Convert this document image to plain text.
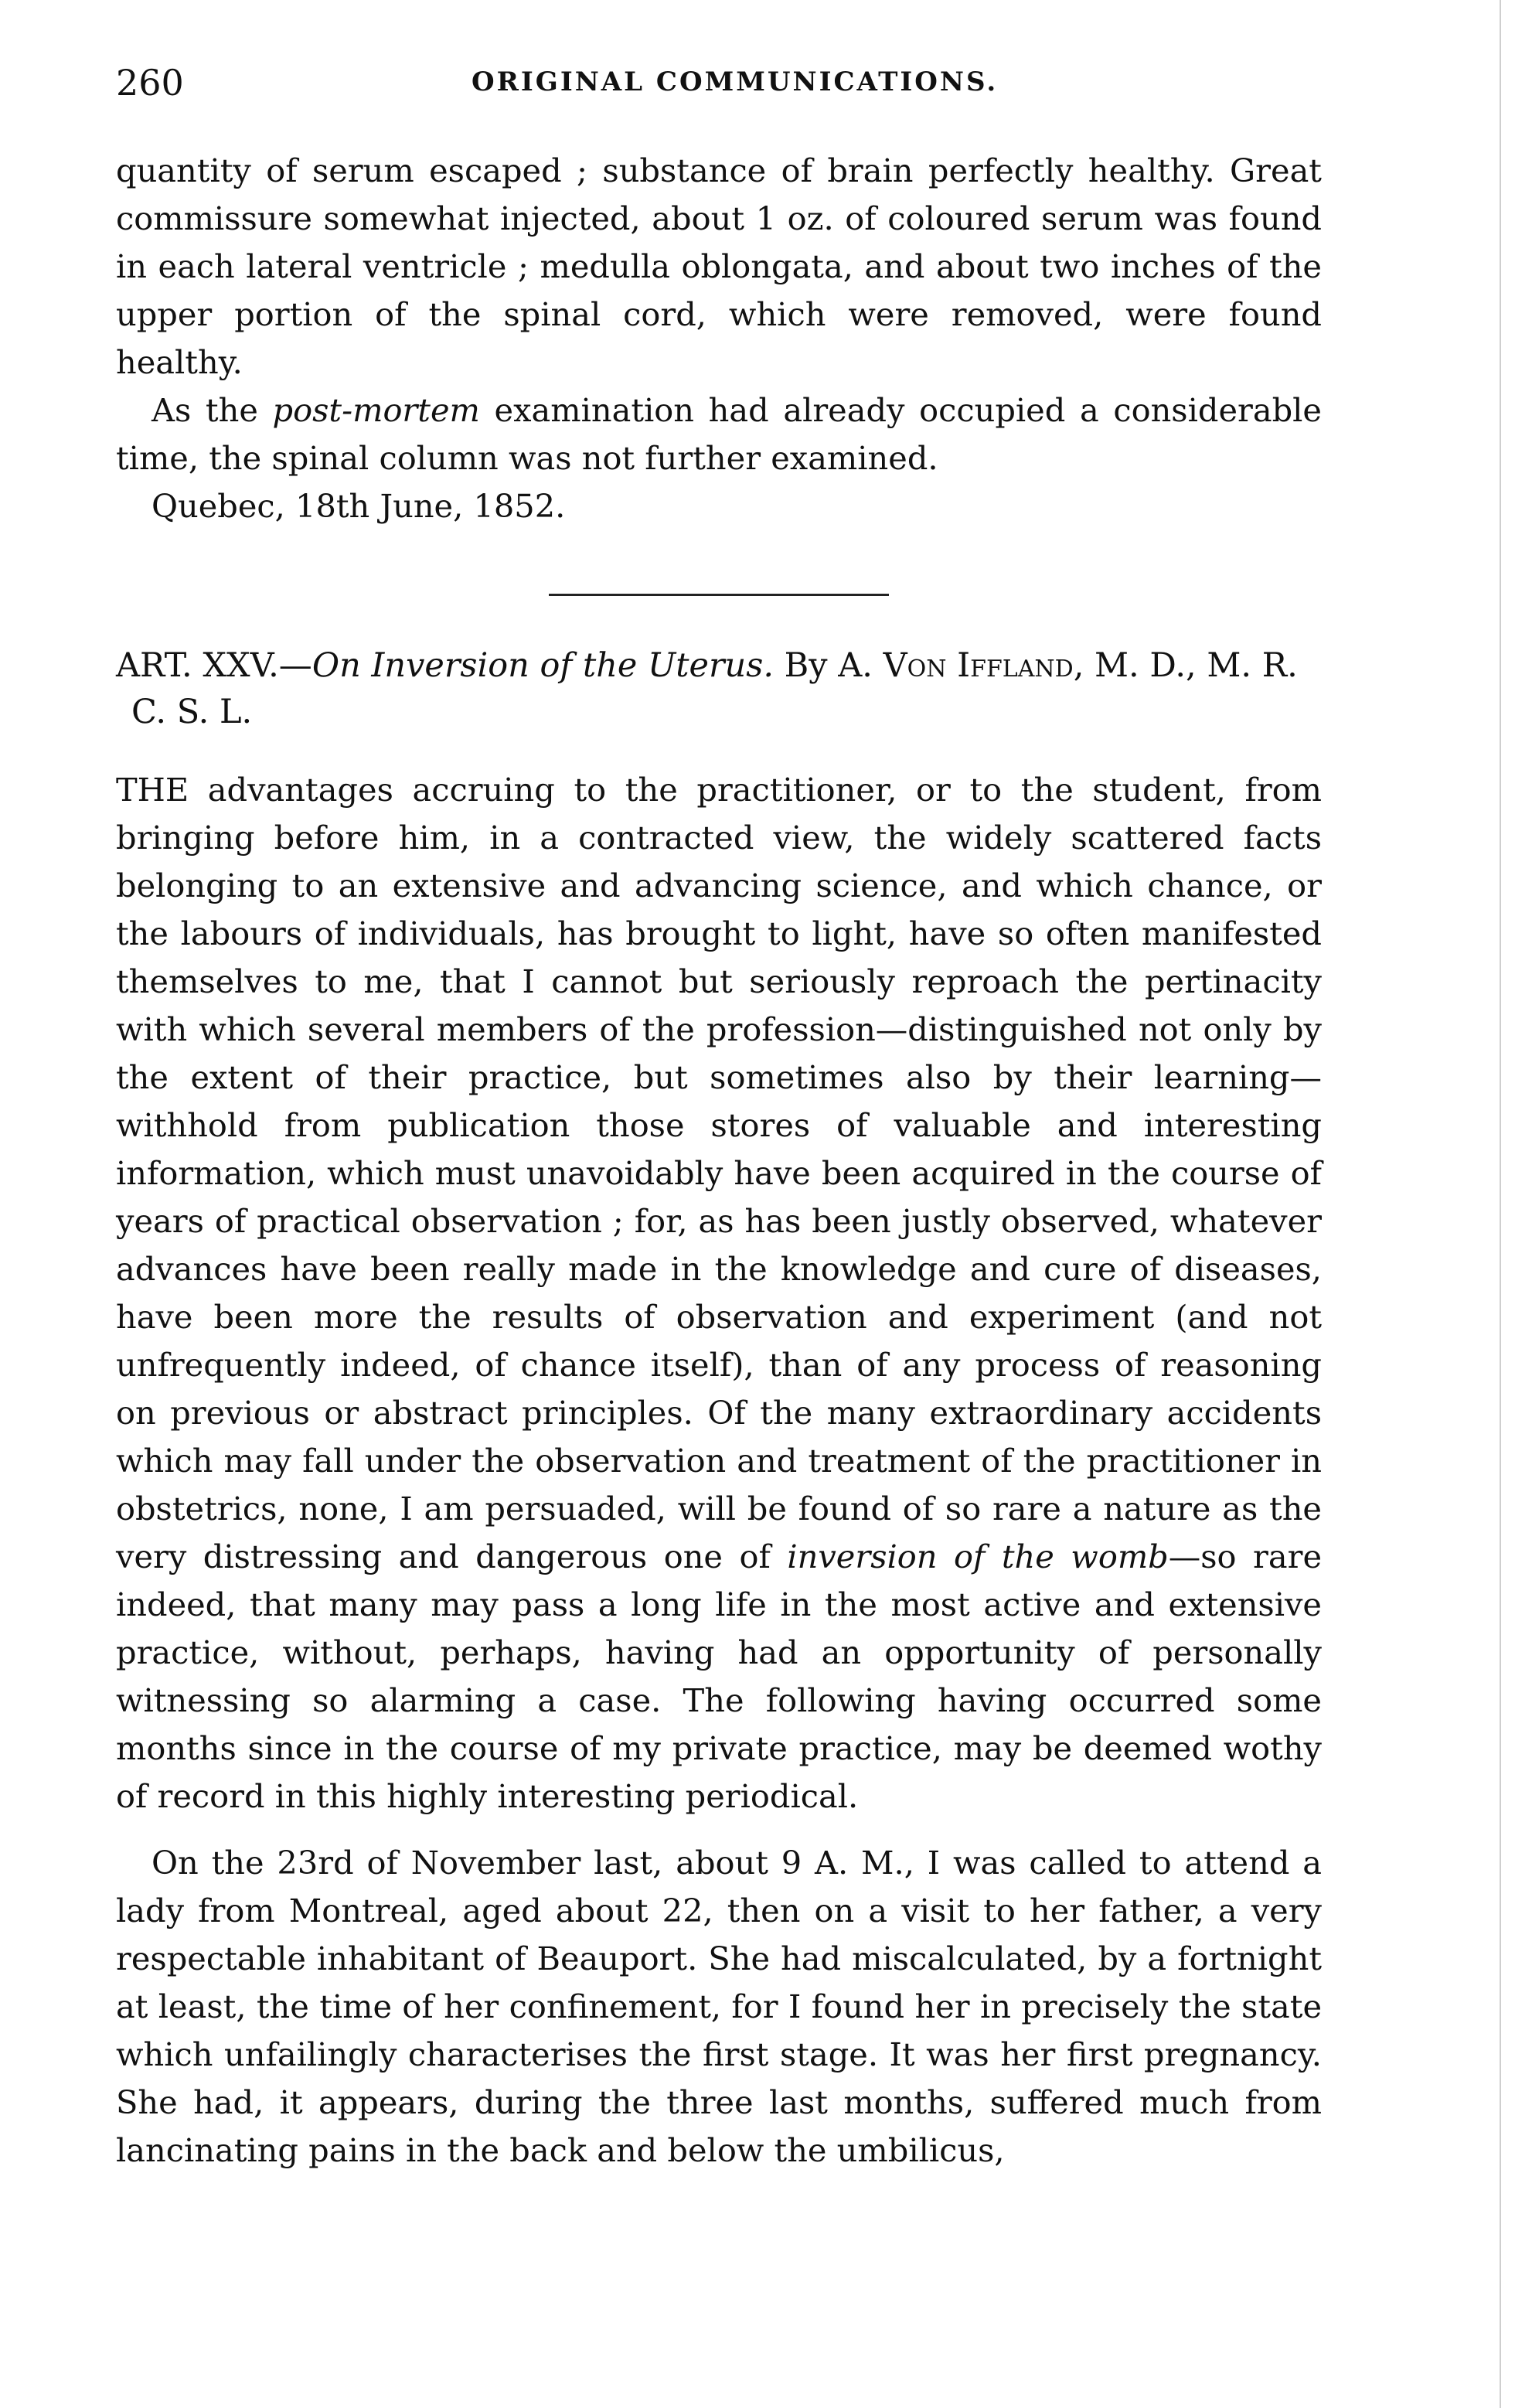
260	ORIGINAL COMMUNICATIONS.

quantity of serum escaped ; substance of brain perfectly healthy. Great commissure somewhat injected, about 1 oz. of coloured serum was found in each lateral ventricle ; medulla oblongata, and about two inches of the upper portion of the spinal cord, which were removed, were found healthy.

As the post-mortem examination had already occupied a considerable time, the spinal column was not further examined.

Quebec, 18th June, 1852.

ART. XXV.—On Inversion of the Uterus. By A. Von Iffland, M. D., M. R. C. S. L.

THE advantages accruing to the practitioner, or to the student, from bringing before him, in a contracted view, the widely scattered facts belonging to an extensive and advancing science, and which chance, or the labours of individuals, has brought to light, have so often manifested themselves to me, that I cannot but seriously reproach the pertinacity with which several members of the profession—distinguished not only by the extent of their practice, but sometimes also by their learning—withhold from publication those stores of valuable and interesting information, which must unavoidably have been acquired in the course of years of practical observation ; for, as has been justly observed, whatever advances have been really made in the knowledge and cure of diseases, have been more the results of observation and experiment (and not unfrequently indeed, of chance itself), than of any process of reasoning on previous or abstract principles. Of the many extraordinary accidents which may fall under the observation and treatment of the practitioner in obstetrics, none, I am persuaded, will be found of so rare a nature as the very distressing and dangerous one of inversion of the womb—so rare indeed, that many may pass a long life in the most active and extensive practice, without, perhaps, having had an opportunity of personally witnessing so alarming a case. The following having occurred some months since in the course of my private practice, may be deemed wothy of record in this highly interesting periodical.

On the 23rd of November last, about 9 A. M., I was called to attend a lady from Montreal, aged about 22, then on a visit to her father, a very respectable inhabitant of Beauport. She had miscalculated, by a fortnight at least, the time of her confinement, for I found her in precisely the state which unfailingly characterises the first stage. It was her first pregnancy. She had, it appears, during the three last months, suffered much from lancinating pains in the back and below the umbilicus,
